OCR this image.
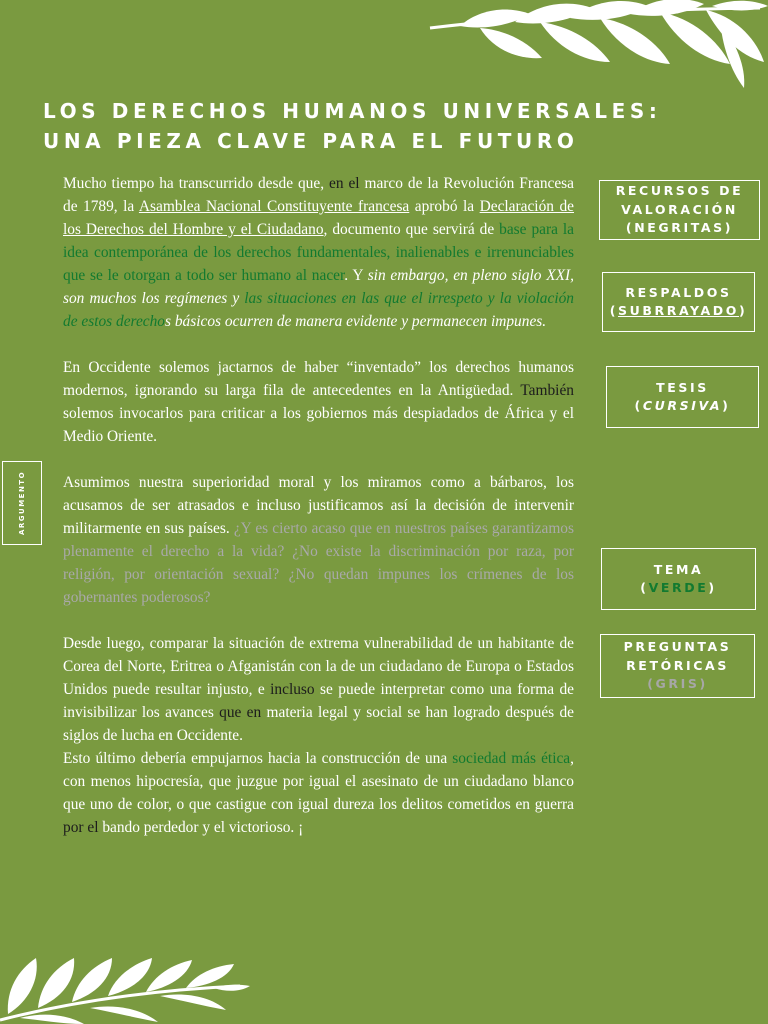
LOS DERECHOS HUMANOS UNIVERSALES:
UNA PIEZA CLAVE PARA EL FUTURO

Mucho tiempo ha transcurrido desde que, en el marco de la Revolución Francesa de 1789, la Asamblea Nacional Constituyente francesa aprobó la Declaración de los Derechos del Hombre y el Ciudadano, documento que servirá de base para la idea contemporánea de los derechos fundamentales, inalienables e irrenunciables que se le otorgan a todo ser humano al nacer. Y sin embargo, en pleno siglo XXI, son muchos los regímenes y las situaciones en las que el irrespeto y la violación de estos derechos básicos ocurren de manera evidente y permanecen impunes.

En Occidente solemos jactarnos de haber “inventado” los derechos humanos modernos, ignorando su larga fila de antecedentes en la Antigüedad. También solemos invocarlos para criticar a los gobiernos más despiadados de África y el Medio Oriente.

Asumimos nuestra superioridad moral y los miramos como a bárbaros, los acusamos de ser atrasados e incluso justificamos así la decisión de intervenir militarmente en sus países. ¿Y es cierto acaso que en nuestros países garantizamos plenamente el derecho a la vida? ¿No existe la discriminación por raza, por religión, por orientación sexual? ¿No quedan impunes los crímenes de los gobernantes poderosos?

Desde luego, comparar la situación de extrema vulnerabilidad de un habitante de Corea del Norte, Eritrea o Afganistán con la de un ciudadano de Europa o Estados Unidos puede resultar injusto, e incluso se puede interpretar como una forma de invisibilizar los avances que en materia legal y social se han logrado después de siglos de lucha en Occidente.

Esto último debería empujarnos hacia la construcción de una sociedad más ética, con menos hipocresía, que juzgue por igual el asesinato de un ciudadano blanco que uno de color, o que castigue con igual dureza los delitos cometidos en guerra por el bando perdedor y el victorioso. ¡

RECURSOS DE
VALORACIÓN
(NEGRITAS)
RESPALDOS
(SUBRRAYADO)
TESIS
(CURSIVA)
TEMA
(VERDE)
PREGUNTAS
RETÓRICAS
(GRIS)
ARGUMENTO
